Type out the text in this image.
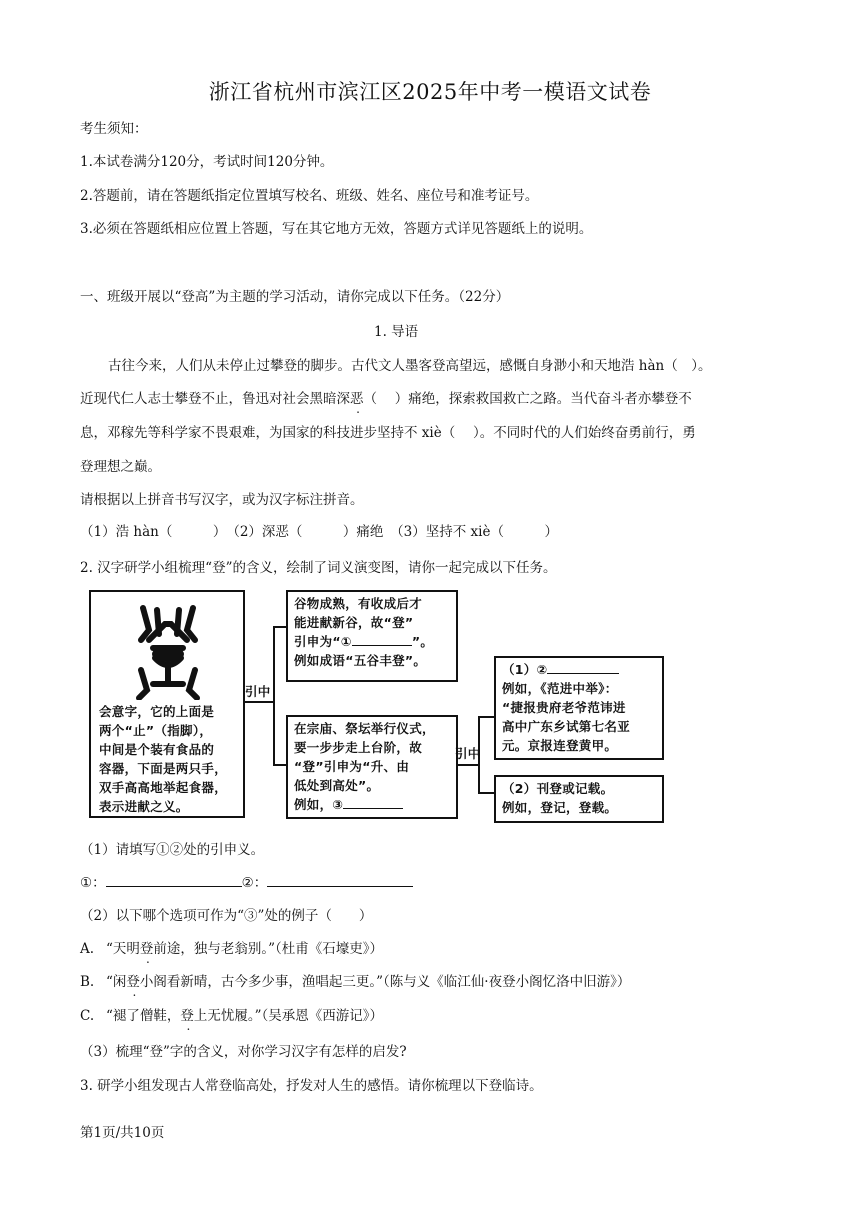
浙江省杭州市滨江区2025年中考一模语文试卷
考生须知：
1.本试卷满分120分，考试时间120分钟。
2.答题前，请在答题纸指定位置填写校名、班级、姓名、座位号和准考证号。
3.必须在答题纸相应位置上答题，写在其它地方无效，答题方式详见答题纸上的说明。
一、班级开展以“登高”为主题的学习活动，请你完成以下任务。（22分）
1. 导语
古往今来，人们从未停止过攀登的脚步。古代文人墨客登高望远，感慨自身渺小和天地浩 hàn（　）。
近现代仁人志士攀登不止，鲁迅对社会黑暗深恶（　 ）痛绝，探索救国救亡之路。当代奋斗者亦攀登不
息，邓稼先等科学家不畏艰难，为国家的科技进步坚持不 xiè（　 ）。不同时代的人们始终奋勇前行，勇
登理想之巅。
请根据以上拼音书写汉字，或为汉字标注拼音。
（1）浩 hàn（　　　）　（2）深恶（　　　）痛绝　（3）坚持不 xiè（　　　）
2. 汉字研学小组梳理“登”的含义，绘制了词义演变图，请你一起完成以下任务。
会意字，它的上面是
两个“止”（指脚），
中间是个装有食品的
容器，下面是两只手，
双手高高地举起食器，
表示进献之义。
引中
谷物成熟，有收成后才
能进献新谷，故“登”
引申为“①	”。
例如成语“五谷丰登”。
在宗庙、祭坛举行仪式，
要一步步走上台阶，故
“登”引申为“升、由
低处到高处”。
例如，③
引中
（1）②
例如，《范进中举》：
“捷报贵府老爷范讳进
高中广东乡试第七名亚
元。京报连登黄甲。
（2）刊登或记载。
例如，登记，登载。
（1）请填写①②处的引申义。
①：	②：
（2）以下哪个选项可作为“③”处的例子（　　）
A. “天明登前途，独与老翁别。”（杜甫《石壕吏》）
B. “闲登小阁看新晴，古今多少事，渔唱起三更。”（陈与义《临江仙·夜登小阁忆洛中旧游》）
C. “褪了僧鞋，登上无忧履。”（吴承恩《西游记》）
（3）梳理“登”字的含义，对你学习汉字有怎样的启发?
3. 研学小组发现古人常登临高处，抒发对人生的感悟。请你梳理以下登临诗。
第1页/共10页
